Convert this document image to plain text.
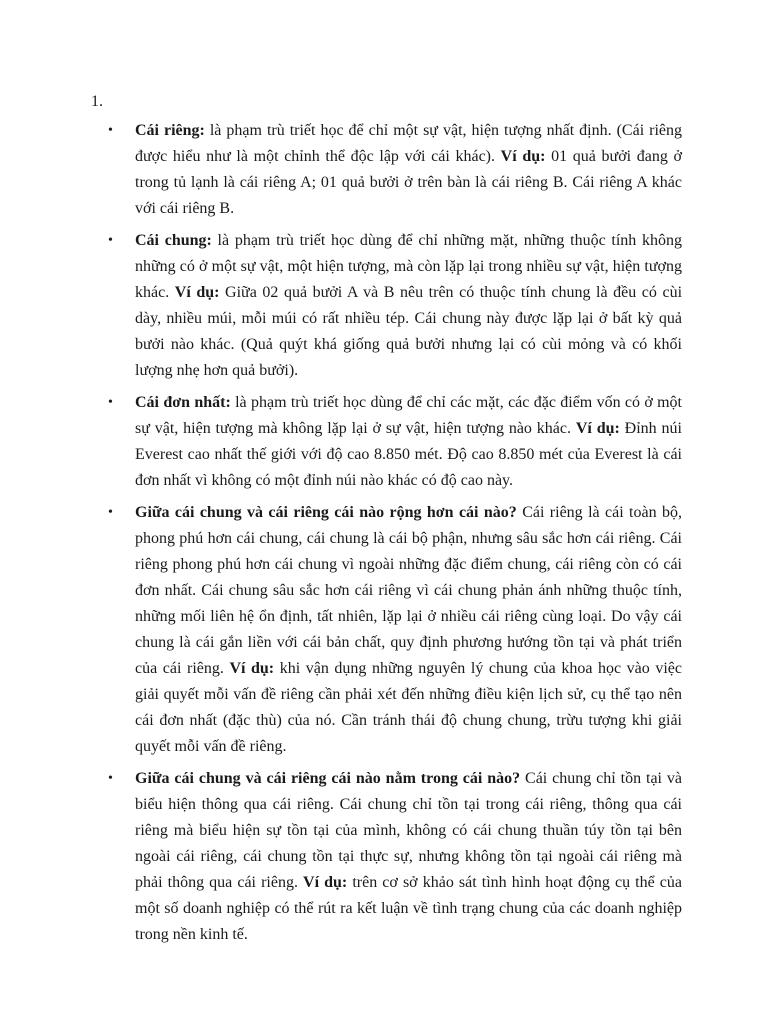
1.
• Cái riêng: là phạm trù triết học để chỉ một sự vật, hiện tượng nhất định. (Cái riêng được hiểu như là một chỉnh thể độc lập với cái khác). Ví dụ: 01 quả bưởi đang ở trong tủ lạnh là cái riêng A; 01 quả bưởi ở trên bàn là cái riêng B. Cái riêng A khác với cái riêng B.
• Cái chung: là phạm trù triết học dùng để chỉ những mặt, những thuộc tính không những có ở một sự vật, một hiện tượng, mà còn lặp lại trong nhiều sự vật, hiện tượng khác. Ví dụ: Giữa 02 quả bưởi A và B nêu trên có thuộc tính chung là đều có cùi dày, nhiều múi, mỗi múi có rất nhiều tép. Cái chung này được lặp lại ở bất kỳ quả bưởi nào khác. (Quả quýt khá giống quả bưởi nhưng lại có cùi mỏng và có khối lượng nhẹ hơn quả bưởi).
• Cái đơn nhất: là phạm trù triết học dùng để chỉ các mặt, các đặc điểm vốn có ở một sự vật, hiện tượng mà không lặp lại ở sự vật, hiện tượng nào khác. Ví dụ: Đỉnh núi Everest cao nhất thế giới với độ cao 8.850 mét. Độ cao 8.850 mét của Everest là cái đơn nhất vì không có một đỉnh núi nào khác có độ cao này.
• Giữa cái chung và cái riêng cái nào rộng hơn cái nào? Cái riêng là cái toàn bộ, phong phú hơn cái chung, cái chung là cái bộ phận, nhưng sâu sắc hơn cái riêng. Cái riêng phong phú hơn cái chung vì ngoài những đặc điểm chung, cái riêng còn có cái đơn nhất. Cái chung sâu sắc hơn cái riêng vì cái chung phản ánh những thuộc tính, những mối liên hệ ổn định, tất nhiên, lặp lại ở nhiều cái riêng cùng loại. Do vậy cái chung là cái gắn liền với cái bản chất, quy định phương hướng tồn tại và phát triển của cái riêng. Ví dụ: khi vận dụng những nguyên lý chung của khoa học vào việc giải quyết mỗi vấn đề riêng cần phải xét đến những điều kiện lịch sử, cụ thể tạo nên cái đơn nhất (đặc thù) của nó. Cần tránh thái độ chung chung, trừu tượng khi giải quyết mỗi vấn đề riêng.
• Giữa cái chung và cái riêng cái nào nằm trong cái nào? Cái chung chỉ tồn tại và biểu hiện thông qua cái riêng. Cái chung chỉ tồn tại trong cái riêng, thông qua cái riêng mà biểu hiện sự tồn tại của mình, không có cái chung thuần túy tồn tại bên ngoài cái riêng, cái chung tồn tại thực sự, nhưng không tồn tại ngoài cái riêng mà phải thông qua cái riêng. Ví dụ: trên cơ sở khảo sát tình hình hoạt động cụ thể của một số doanh nghiệp có thể rút ra kết luận về tình trạng chung của các doanh nghiệp trong nền kinh tế.
